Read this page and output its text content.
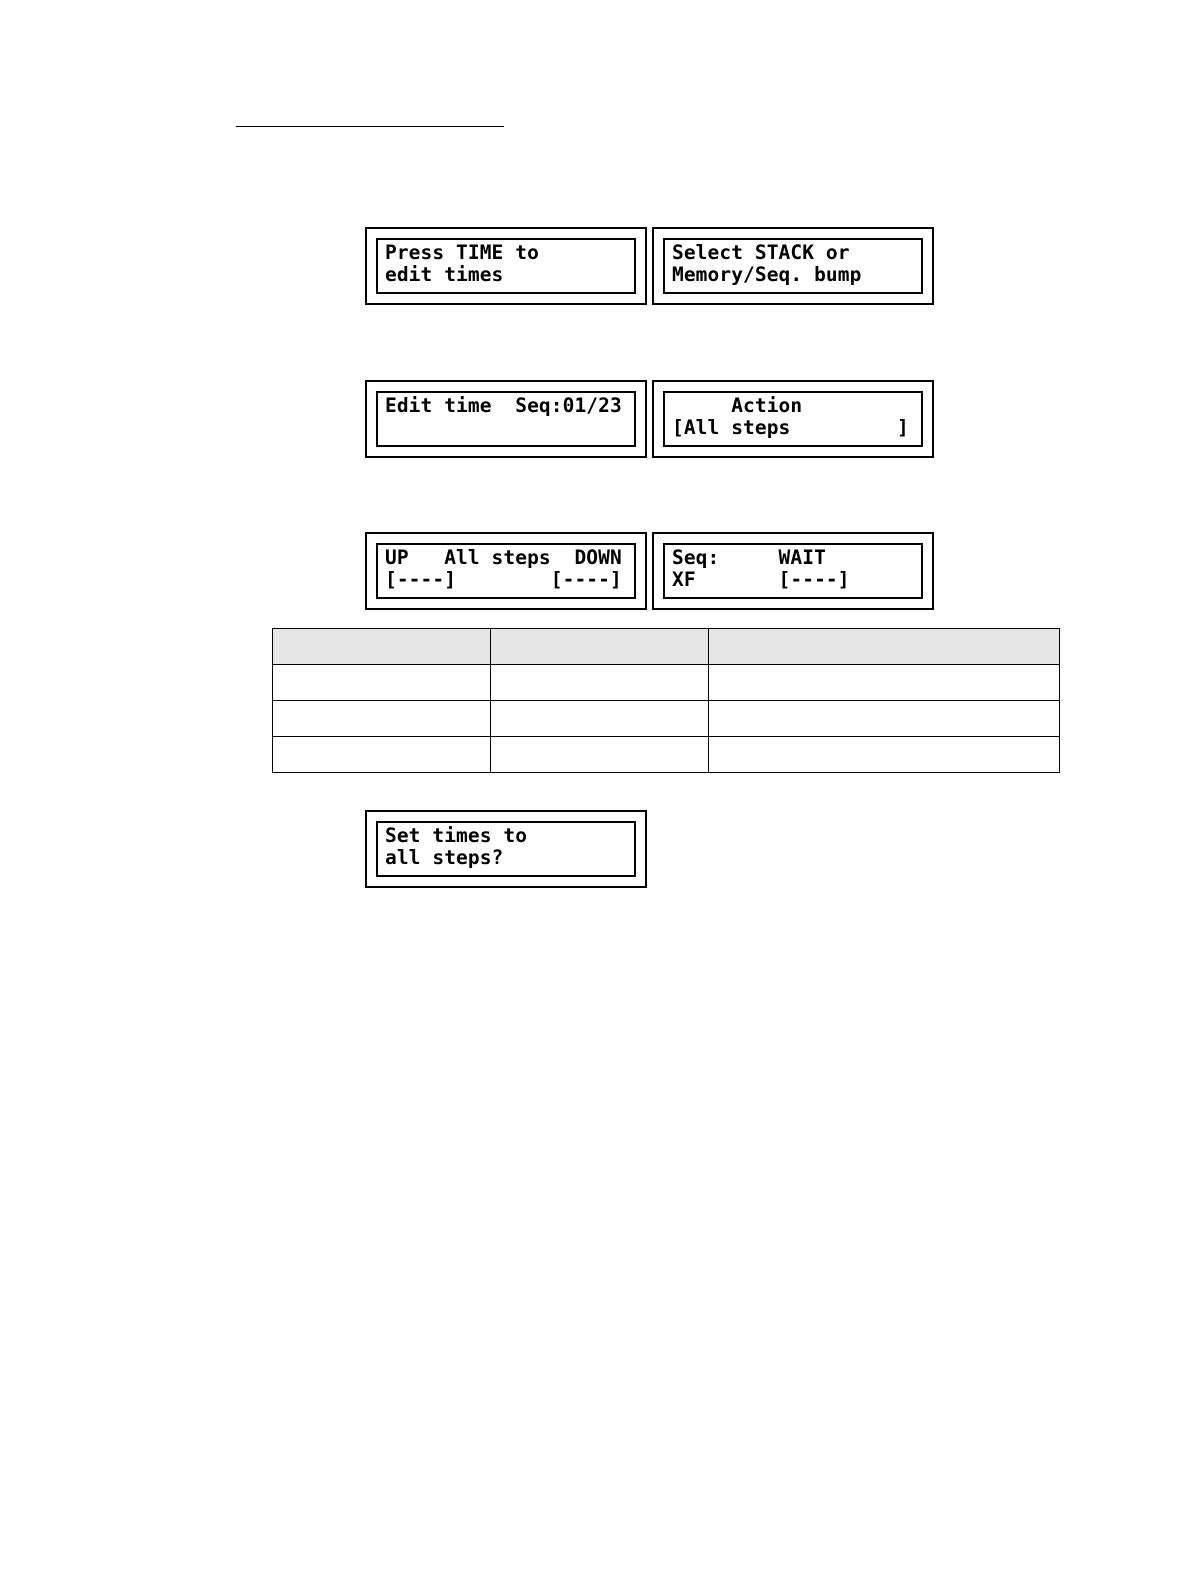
Press TIME to
edit times
Select STACK or
Memory/Seq. bump
Edit time  Seq:01/23	Action
[All steps         ]
UP   All steps  DOWN
[----]        [----]
Seq:     WAIT
XF       [----]

Set times to
all steps?
